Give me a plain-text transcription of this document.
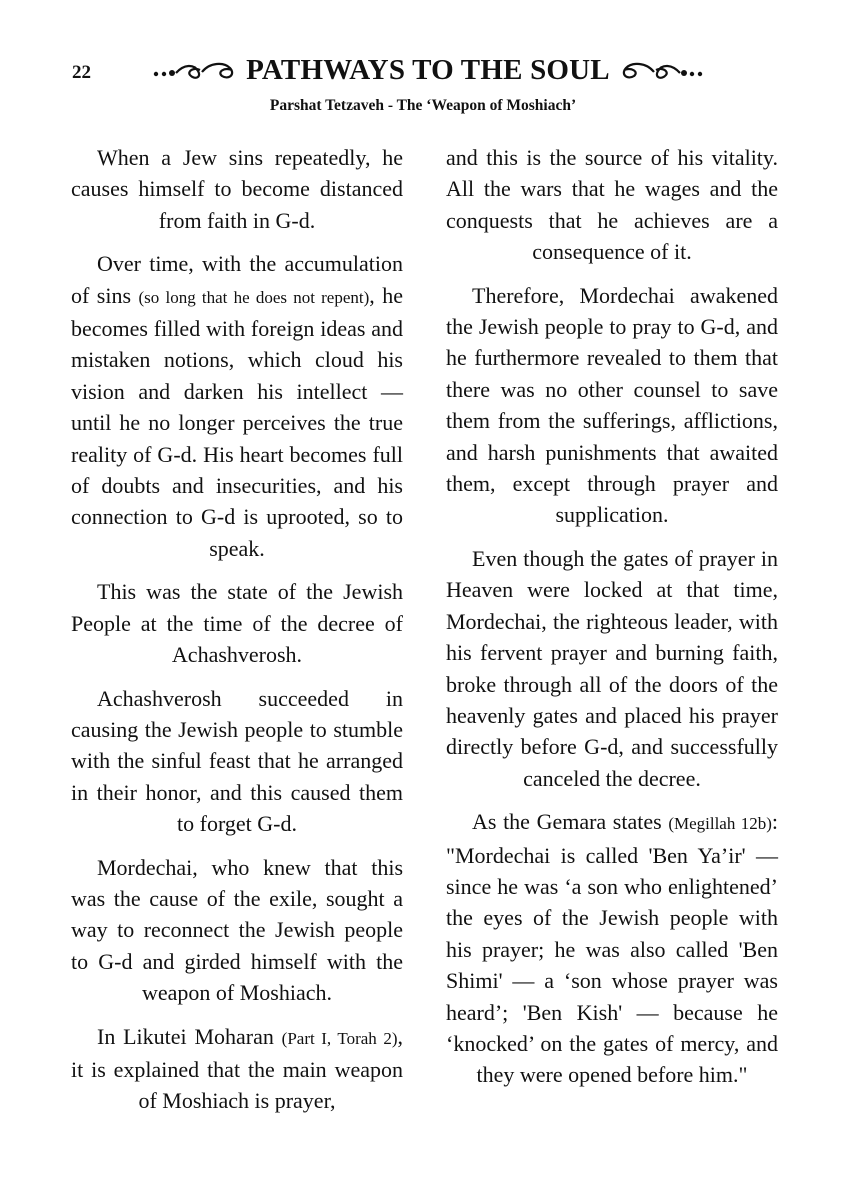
22	PATHWAYS TO THE SOUL
Parshat Tetzaveh - The ‘Weapon of Moshiach’

When a Jew sins repeatedly, he causes himself to become distanced from faith in G-d.

Over time, with the accumulation of sins (so long that he does not repent), he becomes filled with foreign ideas and mistaken notions, which cloud his vision and darken his intellect — until he no longer perceives the true reality of G-d. His heart becomes full of doubts and insecurities, and his connection to G-d is uprooted, so to speak.

This was the state of the Jewish People at the time of the decree of Achashverosh.

Achashverosh succeeded in causing the Jewish people to stumble with the sinful feast that he arranged in their honor, and this caused them to forget G-d.

Mordechai, who knew that this was the cause of the exile, sought a way to reconnect the Jewish people to G-d and girded himself with the weapon of Moshiach.

In Likutei Moharan (Part I, Torah 2), it is explained that the main weapon of Moshiach is prayer,

and this is the source of his vitality. All the wars that he wages and the conquests that he achieves are a consequence of it.

Therefore, Mordechai awakened the Jewish people to pray to G-d, and he furthermore revealed to them that there was no other counsel to save them from the sufferings, afflictions, and harsh punishments that awaited them, except through prayer and supplication.

Even though the gates of prayer in Heaven were locked at that time, Mordechai, the righteous leader, with his fervent prayer and burning faith, broke through all of the doors of the heavenly gates and placed his prayer directly before G-d, and successfully canceled the decree.

As the Gemara states (Megillah 12b): "Mordechai is called 'Ben Ya’ir' — since he was ‘a son who enlightened’ the eyes of the Jewish people with his prayer; he was also called 'Ben Shimi' — a ‘son whose prayer was heard’; 'Ben Kish' — because he ‘knocked’ on the gates of mercy, and they were opened before him."
